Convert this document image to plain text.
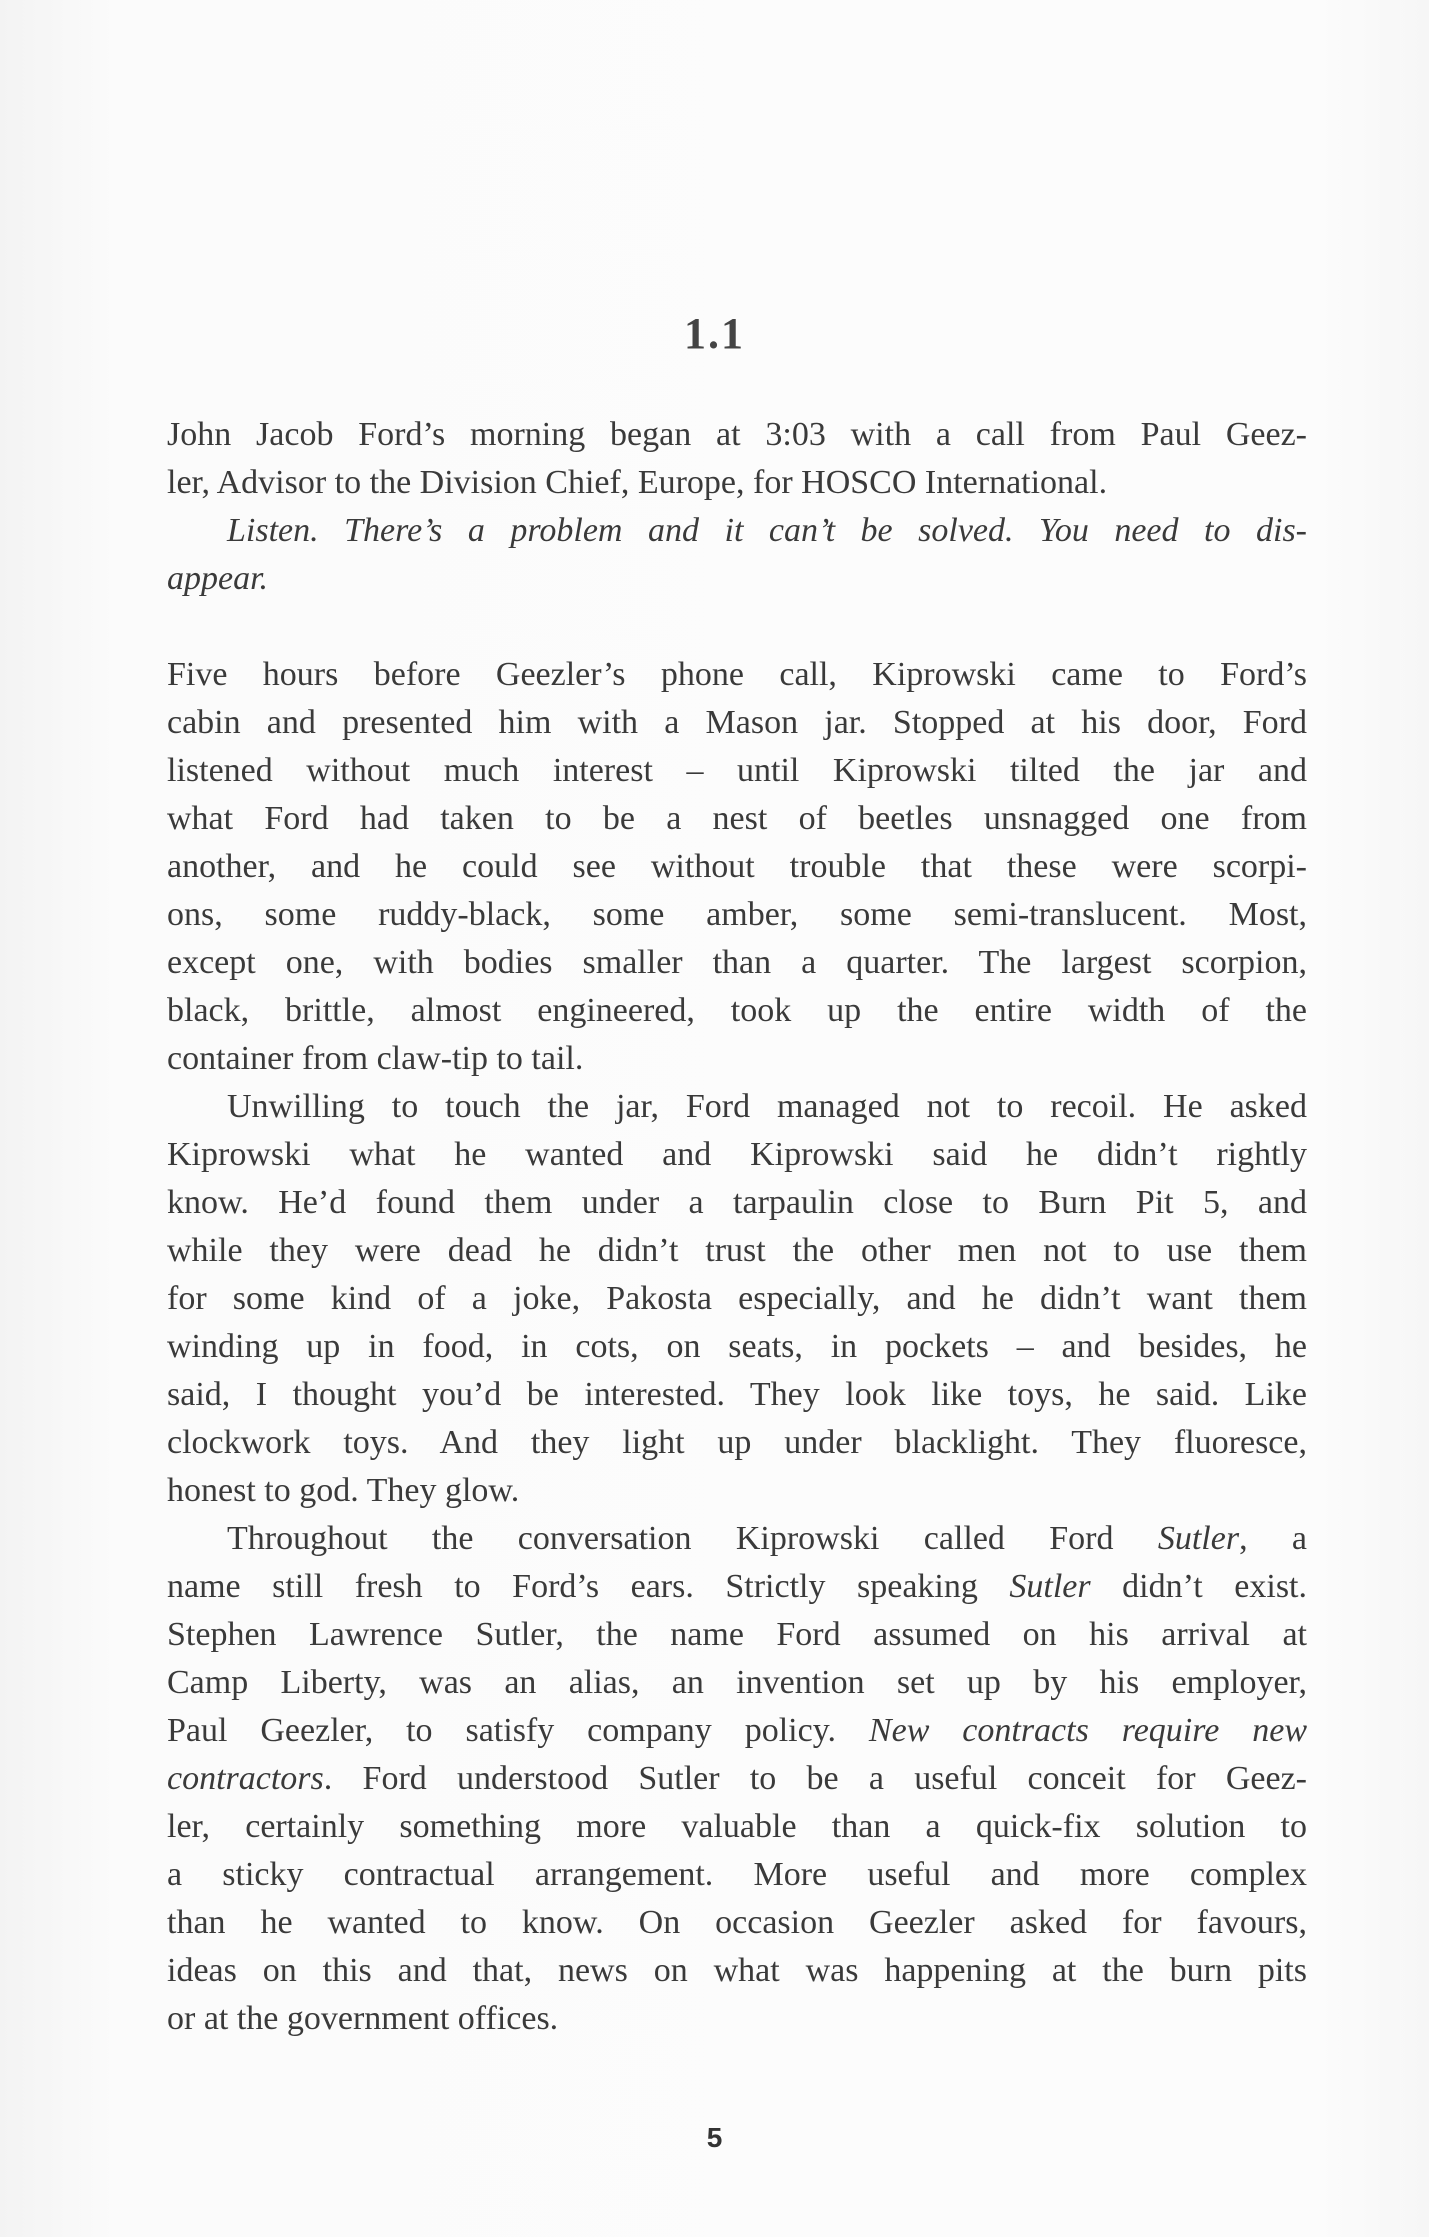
1.1
John Jacob Ford’s morning began at 3:03 with a call from Paul Geez-
ler, Advisor to the Division Chief, Europe, for HOSCO International.
Listen. There’s a problem and it can’t be solved. You need to dis-
appear.
Five hours before Geezler’s phone call, Kiprowski came to Ford’s
cabin and presented him with a Mason jar. Stopped at his door, Ford
listened without much interest – until Kiprowski tilted the jar and
what Ford had taken to be a nest of beetles unsnagged one from
another, and he could see without trouble that these were scorpi-
ons, some ruddy-black, some amber, some semi-translucent. Most,
except one, with bodies smaller than a quarter. The largest scorpion,
black, brittle, almost engineered, took up the entire width of the
container from claw-tip to tail.
Unwilling to touch the jar, Ford managed not to recoil. He asked
Kiprowski what he wanted and Kiprowski said he didn’t rightly
know. He’d found them under a tarpaulin close to Burn Pit 5, and
while they were dead he didn’t trust the other men not to use them
for some kind of a joke, Pakosta especially, and he didn’t want them
winding up in food, in cots, on seats, in pockets – and besides, he
said, I thought you’d be interested. They look like toys, he said. Like
clockwork toys. And they light up under blacklight. They fluoresce,
honest to god. They glow.
Throughout the conversation Kiprowski called Ford Sutler, a
name still fresh to Ford’s ears. Strictly speaking Sutler didn’t exist.
Stephen Lawrence Sutler, the name Ford assumed on his arrival at
Camp Liberty, was an alias, an invention set up by his employer,
Paul Geezler, to satisfy company policy. New contracts require new
contractors. Ford understood Sutler to be a useful conceit for Geez-
ler, certainly something more valuable than a quick-fix solution to
a sticky contractual arrangement. More useful and more complex
than he wanted to know. On occasion Geezler asked for favours,
ideas on this and that, news on what was happening at the burn pits
or at the government offices.
5
